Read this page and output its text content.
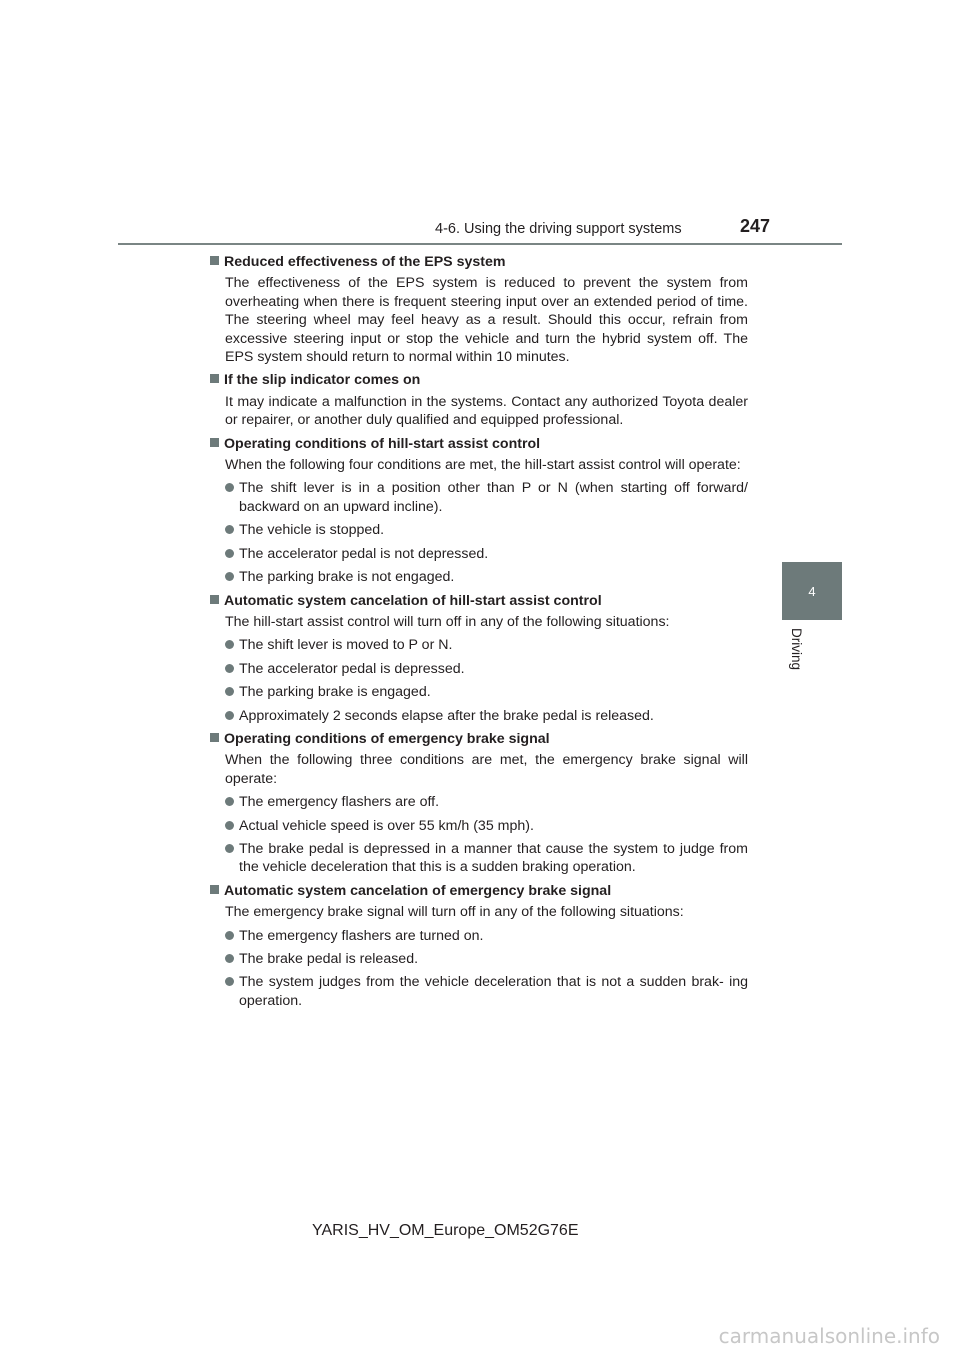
4-6. Using the driving support systems	247
4
Driving
Reduced effectiveness of the EPS system
The effectiveness of the EPS system is reduced to prevent the system from overheating when there is frequent steering input over an extended period of time. The steering wheel may feel heavy as a result. Should this occur, refrain from excessive steering input or stop the vehicle and turn the hybrid system off. The EPS system should return to normal within 10 minutes.
If the slip indicator comes on
It may indicate a malfunction in the systems. Contact any authorized Toyota dealer or repairer, or another duly qualified and equipped professional.
Operating conditions of hill-start assist control
When the following four conditions are met, the hill-start assist control will operate:
The shift lever is in a position other than P or N (when starting off forward/ backward on an upward incline).
The vehicle is stopped.
The accelerator pedal is not depressed.
The parking brake is not engaged.
Automatic system cancelation of hill-start assist control
The hill-start assist control will turn off in any of the following situations:
The shift lever is moved to P or N.
The accelerator pedal is depressed.
The parking brake is engaged.
Approximately 2 seconds elapse after the brake pedal is released.
Operating conditions of emergency brake signal
When the following three conditions are met, the emergency brake signal will operate:
The emergency flashers are off.
Actual vehicle speed is over 55 km/h (35 mph).
The brake pedal is depressed in a manner that cause the system to judge from the vehicle deceleration that this is a sudden braking operation.
Automatic system cancelation of emergency brake signal
The emergency brake signal will turn off in any of the following situations:
The emergency flashers are turned on.
The brake pedal is released.
The system judges from the vehicle deceleration that is not a sudden brak- ing operation.
YARIS_HV_OM_Europe_OM52G76E
carmanualsonline.info
